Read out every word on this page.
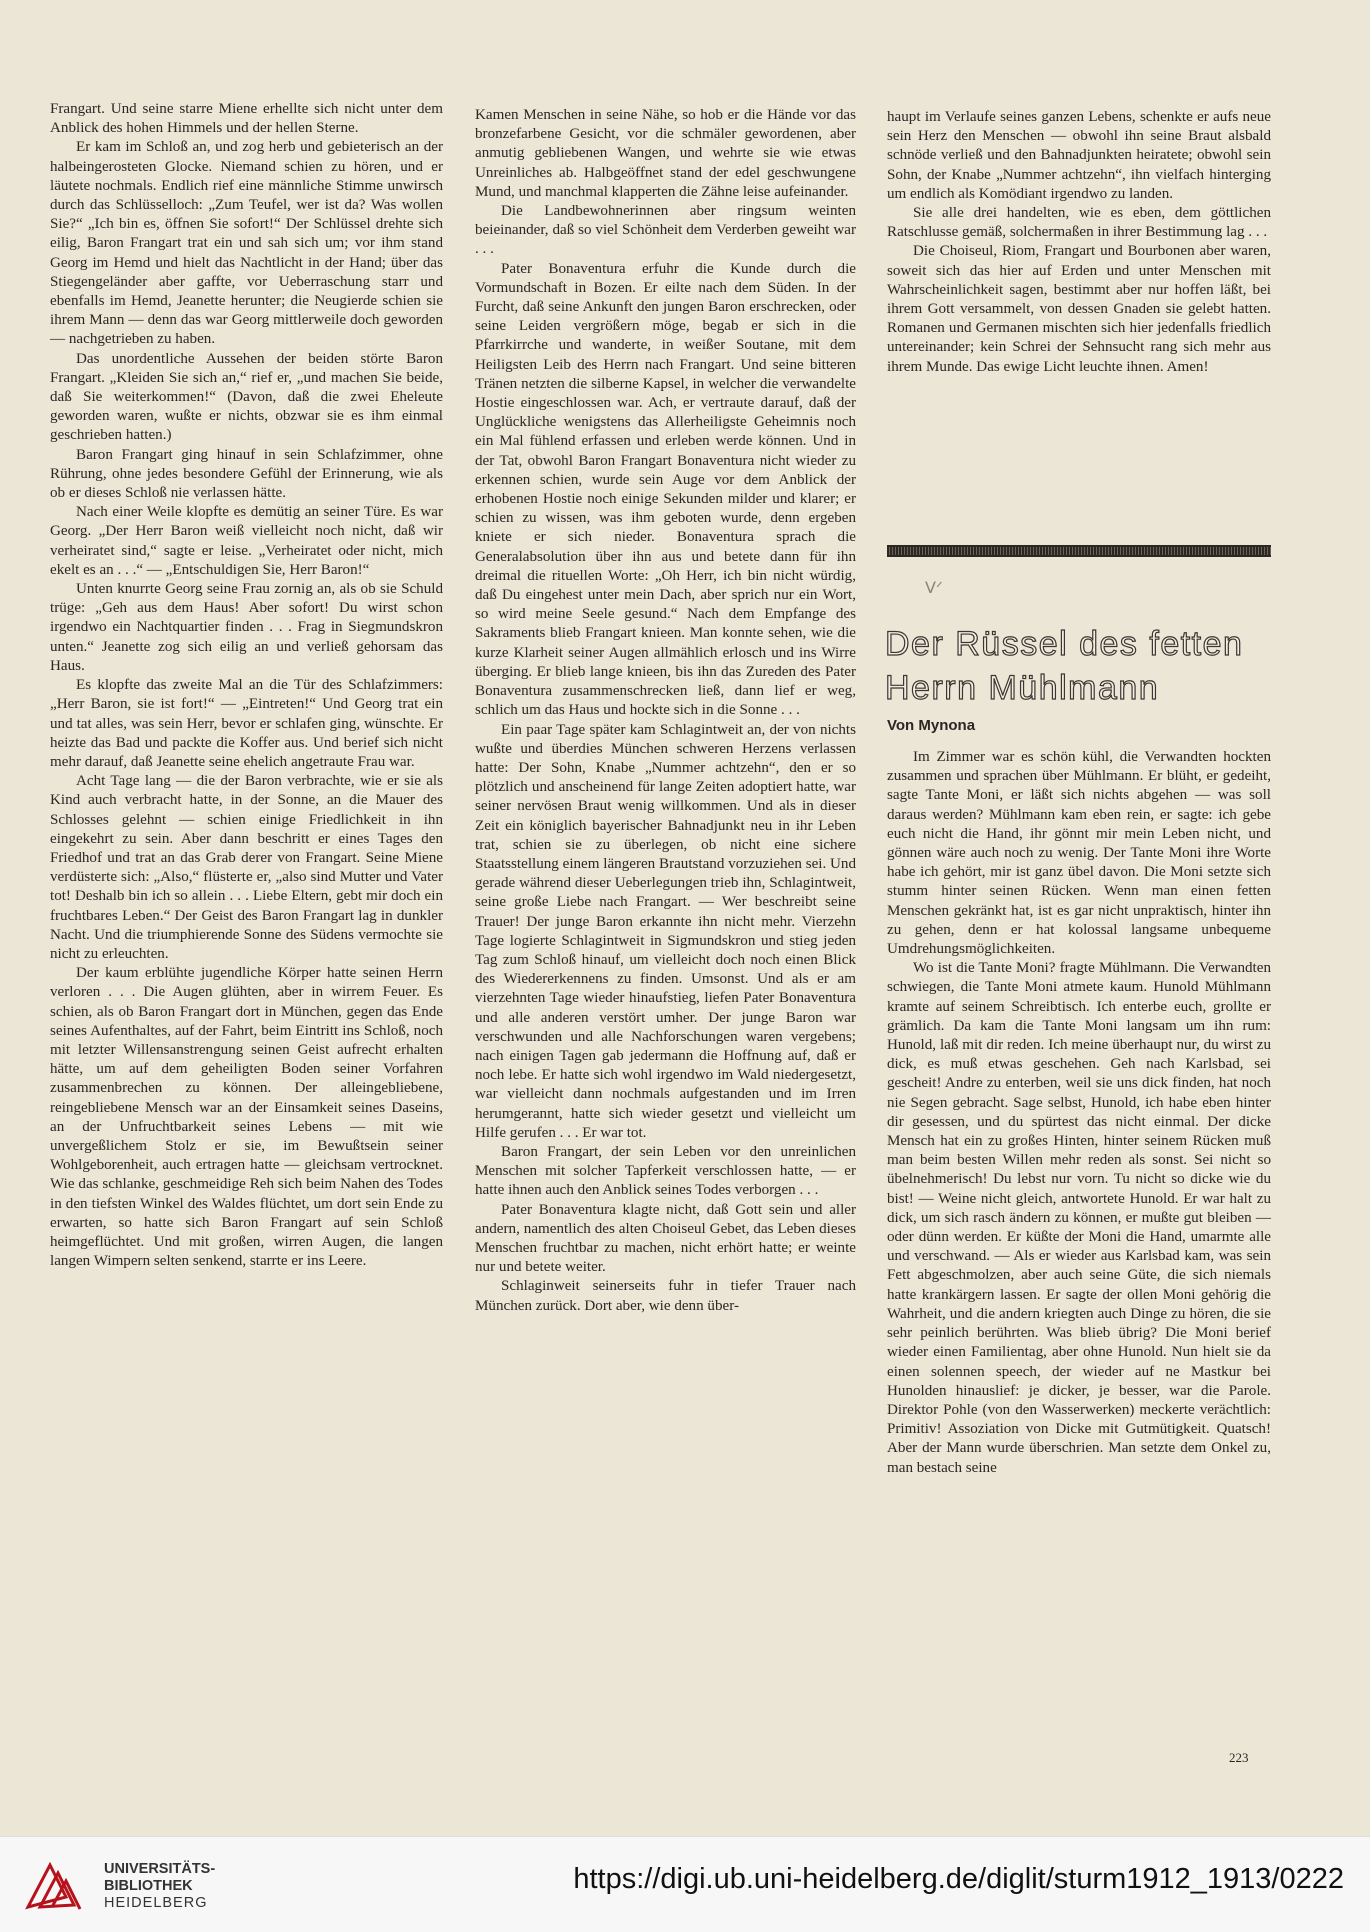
Frangart. Und seine starre Miene erhellte sich nicht unter dem Anblick des hohen Himmels und der hellen Sterne.

Er kam im Schloß an, und zog herb und gebieterisch an der halbeingerosteten Glocke. Niemand schien zu hören, und er läutete nochmals. Endlich rief eine männliche Stimme unwirsch durch das Schlüsselloch: „Zum Teufel, wer ist da? Was wollen Sie?“ „Ich bin es, öffnen Sie sofort!“ Der Schlüssel drehte sich eilig, Baron Frangart trat ein und sah sich um; vor ihm stand Georg im Hemd und hielt das Nachtlicht in der Hand; über das Stiegengeländer aber gaffte, vor Ueberraschung starr und ebenfalls im Hemd, Jeanette herunter; die Neugierde schien sie ihrem Mann — denn das war Georg mittlerweile doch geworden — nachgetrieben zu haben.

Das unordentliche Aussehen der beiden störte Baron Frangart. „Kleiden Sie sich an,“ rief er, „und machen Sie beide, daß Sie weiterkommen!“ (Davon, daß die zwei Eheleute geworden waren, wußte er nichts, obzwar sie es ihm einmal geschrieben hatten.)

Baron Frangart ging hinauf in sein Schlafzimmer, ohne Rührung, ohne jedes besondere Gefühl der Erinnerung, wie als ob er dieses Schloß nie verlassen hätte.

Nach einer Weile klopfte es demütig an seiner Türe. Es war Georg. „Der Herr Baron weiß vielleicht noch nicht, daß wir verheiratet sind,“ sagte er leise. „Verheiratet oder nicht, mich ekelt es an . . .“ — „Entschuldigen Sie, Herr Baron!“

Unten knurrte Georg seine Frau zornig an, als ob sie Schuld trüge: „Geh aus dem Haus! Aber sofort! Du wirst schon irgendwo ein Nachtquartier finden . . . Frag in Siegmundskron unten.“ Jeanette zog sich eilig an und verließ gehorsam das Haus.

Es klopfte das zweite Mal an die Tür des Schlafzimmers: „Herr Baron, sie ist fort!“ — „Eintreten!“ Und Georg trat ein und tat alles, was sein Herr, bevor er schlafen ging, wünschte. Er heizte das Bad und packte die Koffer aus. Und berief sich nicht mehr darauf, daß Jeanette seine ehelich angetraute Frau war.

Acht Tage lang — die der Baron verbrachte, wie er sie als Kind auch verbracht hatte, in der Sonne, an die Mauer des Schlosses gelehnt — schien einige Friedlichkeit in ihn eingekehrt zu sein. Aber dann beschritt er eines Tages den Friedhof und trat an das Grab derer von Frangart. Seine Miene verdüsterte sich: „Also,“ flüsterte er, „also sind Mutter und Vater tot! Deshalb bin ich so allein . . . Liebe Eltern, gebt mir doch ein fruchtbares Leben.“ Der Geist des Baron Frangart lag in dunkler Nacht. Und die triumphierende Sonne des Südens vermochte sie nicht zu erleuchten.

Der kaum erblühte jugendliche Körper hatte seinen Herrn verloren . . . Die Augen glühten, aber in wirrem Feuer. Es schien, als ob Baron Frangart dort in München, gegen das Ende seines Aufenthaltes, auf der Fahrt, beim Eintritt ins Schloß, noch mit letzter Willensanstrengung seinen Geist aufrecht erhalten hätte, um auf dem geheiligten Boden seiner Vorfahren zusammenbrechen zu können. Der alleingebliebene, reingebliebene Mensch war an der Einsamkeit seines Daseins, an der Unfruchtbarkeit seines Lebens — mit wie unvergeßlichem Stolz er sie, im Bewußtsein seiner Wohlgeborenheit, auch ertragen hatte — gleichsam vertrocknet. Wie das schlanke, geschmeidige Reh sich beim Nahen des Todes in den tiefsten Winkel des Waldes flüchtet, um dort sein Ende zu erwarten, so hatte sich Baron Frangart auf sein Schloß heimgeflüchtet. Und mit großen, wirren Augen, die langen langen Wimpern selten senkend, starrte er ins Leere.

Kamen Menschen in seine Nähe, so hob er die Hände vor das bronzefarbene Gesicht, vor die schmäler gewordenen, aber anmutig gebliebenen Wangen, und wehrte sie wie etwas Unreinliches ab. Halbgeöffnet stand der edel geschwungene Mund, und manchmal klapperten die Zähne leise aufeinander.

Die Landbewohnerinnen aber ringsum weinten beieinander, daß so viel Schönheit dem Verderben geweiht war . . .

Pater Bonaventura erfuhr die Kunde durch die Vormundschaft in Bozen. Er eilte nach dem Süden. In der Furcht, daß seine Ankunft den jungen Baron erschrecken, oder seine Leiden vergrößern möge, begab er sich in die Pfarrkirrche und wanderte, in weißer Soutane, mit dem Heiligsten Leib des Herrn nach Frangart. Und seine bitteren Tränen netzten die silberne Kapsel, in welcher die verwandelte Hostie eingeschlossen war. Ach, er vertraute darauf, daß der Unglückliche wenigstens das Allerheiligste Geheimnis noch ein Mal fühlend erfassen und erleben werde können. Und in der Tat, obwohl Baron Frangart Bonaventura nicht wieder zu erkennen schien, wurde sein Auge vor dem Anblick der erhobenen Hostie noch einige Sekunden milder und klarer; er schien zu wissen, was ihm geboten wurde, denn ergeben kniete er sich nieder. Bonaventura sprach die Generalabsolution über ihn aus und betete dann für ihn dreimal die rituellen Worte: „Oh Herr, ich bin nicht würdig, daß Du eingehest unter mein Dach, aber sprich nur ein Wort, so wird meine Seele gesund.“ Nach dem Empfange des Sakraments blieb Frangart knieen. Man konnte sehen, wie die kurze Klarheit seiner Augen allmählich erlosch und ins Wirre überging. Er blieb lange knieen, bis ihn das Zureden des Pater Bonaventura zusammenschrecken ließ, dann lief er weg, schlich um das Haus und hockte sich in die Sonne . . .

Ein paar Tage später kam Schlagintweit an, der von nichts wußte und überdies München schweren Herzens verlassen hatte: Der Sohn, Knabe „Nummer achtzehn“, den er so plötzlich und anscheinend für lange Zeiten adoptiert hatte, war seiner nervösen Braut wenig willkommen. Und als in dieser Zeit ein königlich bayerischer Bahnadjunkt neu in ihr Leben trat, schien sie zu überlegen, ob nicht eine sichere Staatsstellung einem längeren Brautstand vorzuziehen sei. Und gerade während dieser Ueberlegungen trieb ihn, Schlagintweit, seine große Liebe nach Frangart. — Wer beschreibt seine Trauer! Der junge Baron erkannte ihn nicht mehr. Vierzehn Tage logierte Schlagintweit in Sigmundskron und stieg jeden Tag zum Schloß hinauf, um vielleicht doch noch einen Blick des Wiedererkennens zu finden. Umsonst. Und als er am vierzehnten Tage wieder hinaufstieg, liefen Pater Bonaventura und alle anderen verstört umher. Der junge Baron war verschwunden und alle Nachforschungen waren vergebens; nach einigen Tagen gab jedermann die Hoffnung auf, daß er noch lebe. Er hatte sich wohl irgendwo im Wald niedergesetzt, war vielleicht dann nochmals aufgestanden und im Irren herumgerannt, hatte sich wieder gesetzt und vielleicht um Hilfe gerufen . . . Er war tot.

Baron Frangart, der sein Leben vor den unreinlichen Menschen mit solcher Tapferkeit verschlossen hatte, — er hatte ihnen auch den Anblick seines Todes verborgen . . .

Pater Bonaventura klagte nicht, daß Gott sein und aller andern, namentlich des alten Choiseul Gebet, das Leben dieses Menschen fruchtbar zu machen, nicht erhört hatte; er weinte nur und betete weiter.

Schlaginweit seinerseits fuhr in tiefer Trauer nach München zurück. Dort aber, wie denn über-

haupt im Verlaufe seines ganzen Lebens, schenkte er aufs neue sein Herz den Menschen — obwohl ihn seine Braut alsbald schnöde verließ und den Bahnadjunkten heiratete; obwohl sein Sohn, der Knabe „Nummer achtzehn“, ihn vielfach hintergіng um endlich als Komödiant irgendwo zu landen.

Sie alle drei handelten, wie es eben, dem göttlichen Ratschlusse gemäß, solchermaßen in ihrer Bestimmung lag . . .

Die Choiseul, Riom, Frangart und Bourbonen aber waren, soweit sich das hier auf Erden und unter Menschen mit Wahrscheinlichkeit sagen, bestimmt aber nur hoffen läßt, bei ihrem Gott versammelt, von dessen Gnaden sie gelebt hatten. Romanen und Germanen mischten sich hier jedenfalls friedlich untereinander; kein Schrei der Sehnsucht rang sich mehr aus ihrem Munde. Das ewige Licht leuchte ihnen. Amen!

ᐯᐟ
Der Rüssel des fetten Herrn Mühlmann
Von Mynona

Im Zimmer war es schön kühl, die Verwandten hockten zusammen und sprachen über Mühlmann. Er blüht, er gedeiht, sagte Tante Moni, er läßt sich nichts abgehen — was soll daraus werden? Mühlmann kam eben rein, er sagte: ich gebe euch nicht die Hand, ihr gönnt mir mein Leben nicht, und gönnen wäre auch noch zu wenig. Der Tante Moni ihre Worte habe ich gehört, mir ist ganz übel davon. Die Moni setzte sich stumm hinter seinen Rücken. Wenn man einen fetten Menschen gekränkt hat, ist es gar nicht unpraktisch, hinter ihn zu gehen, denn er hat kolossal langsame unbequeme Umdrehungsmöglichkeiten.

Wo ist die Tante Moni? fragte Mühlmann. Die Verwandten schwiegen, die Tante Moni atmete kaum. Hunold Mühlmann kramte auf seinem Schreibtisch. Ich enterbe euch, grollte er grämlich. Da kam die Tante Moni langsam um ihn rum: Hunold, laß mit dir reden. Ich meine überhaupt nur, du wirst zu dick, es muß etwas geschehen. Geh nach Karlsbad, sei gescheit! Andre zu enterben, weil sie uns dick finden, hat noch nie Segen gebracht. Sage selbst, Hunold, ich habe eben hinter dir gesessen, und du spürtest das nicht einmal. Der dicke Mensch hat ein zu großes Hinten, hinter seinem Rücken muß man beim besten Willen mehr reden als sonst. Sei nicht so übelnehmerisch! Du lebst nur vorn. Tu nicht so dicke wie du bist! — Weine nicht gleich, antwortete Hunold. Er war halt zu dick, um sich rasch ändern zu können, er mußte gut bleiben — oder dünn werden. Er küßte der Moni die Hand, umarmte alle und verschwand. — Als er wieder aus Karlsbad kam, was sein Fett abgeschmolzen, aber auch seine Güte, die sich niemals hatte krankärgern lassen. Er sagte der ollen Moni gehörig die Wahrheit, und die andern kriegten auch Dinge zu hören, die sie sehr peinlich berührten. Was blieb übrig? Die Moni berief wieder einen Familientag, aber ohne Hunold. Nun hielt sie da einen solennen speech, der wieder auf ne Mastkur bei Hunolden hinauslief: je dicker, je besser, war die Parole. Direktor Pohle (von den Wasserwerken) meckerte verächtlich: Primitiv! Assoziation von Dicke mit Gutmütigkeit. Quatsch! Aber der Mann wurde überschrien. Man setzte dem Onkel zu, man bestach seine

223
UNIVERSITÄTS-
BIBLIOTHEK
HEIDELBERG
https://digi.ub.uni-heidelberg.de/diglit/sturm1912_1913/0222
